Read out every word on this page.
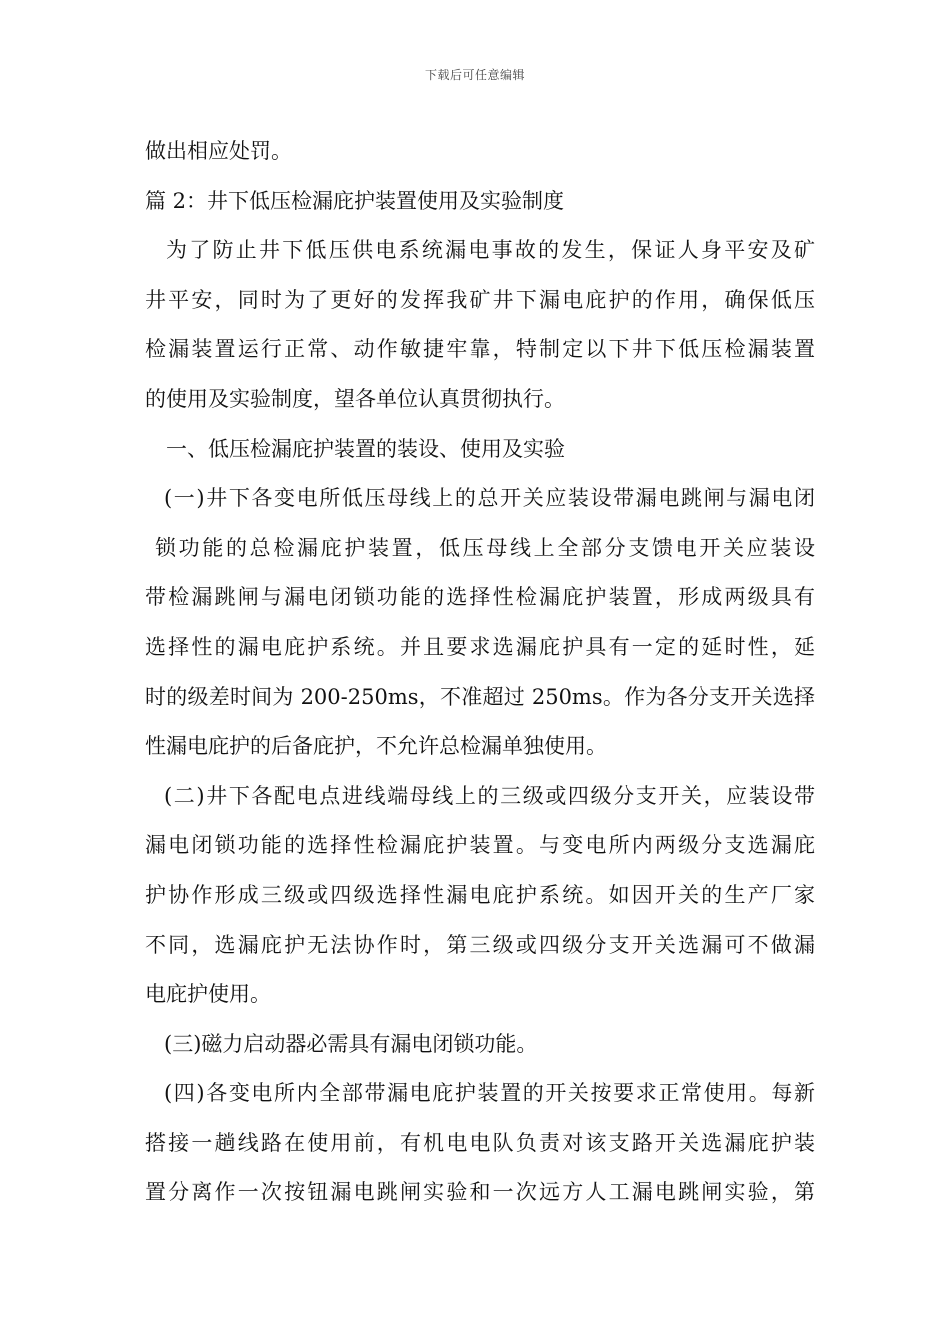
下载后可任意编辑
做出相应处罚。
篇 2：井下低压检漏庇护装置使用及实验制度
为了防止井下低压供电系统漏电事故的发生，保证人身平安及矿
井平安，同时为了更好的发挥我矿井下漏电庇护的作用，确保低压
检漏装置运行正常、动作敏捷牢靠，特制定以下井下低压检漏装置
的使用及实验制度，望各单位认真贯彻执行。
一、低压检漏庇护装置的装设、使用及实验
(一)井下各变电所低压母线上的总开关应装设带漏电跳闸与漏电闭
锁功能的总检漏庇护装置，低压母线上全部分支馈电开关应装设
带检漏跳闸与漏电闭锁功能的选择性检漏庇护装置，形成两级具有
选择性的漏电庇护系统。并且要求选漏庇护具有一定的延时性，延
时的级差时间为 200-250ms，不准超过 250ms。作为各分支开关选择
性漏电庇护的后备庇护，不允许总检漏单独使用。
(二)井下各配电点进线端母线上的三级或四级分支开关，应装设带
漏电闭锁功能的选择性检漏庇护装置。与变电所内两级分支选漏庇
护协作形成三级或四级选择性漏电庇护系统。如因开关的生产厂家
不同，选漏庇护无法协作时，第三级或四级分支开关选漏可不做漏
电庇护使用。
(三)磁力启动器必需具有漏电闭锁功能。
(四)各变电所内全部带漏电庇护装置的开关按要求正常使用。每新
搭接一趟线路在使用前，有机电电队负责对该支路开关选漏庇护装
置分离作一次按钮漏电跳闸实验和一次远方人工漏电跳闸实验，第
